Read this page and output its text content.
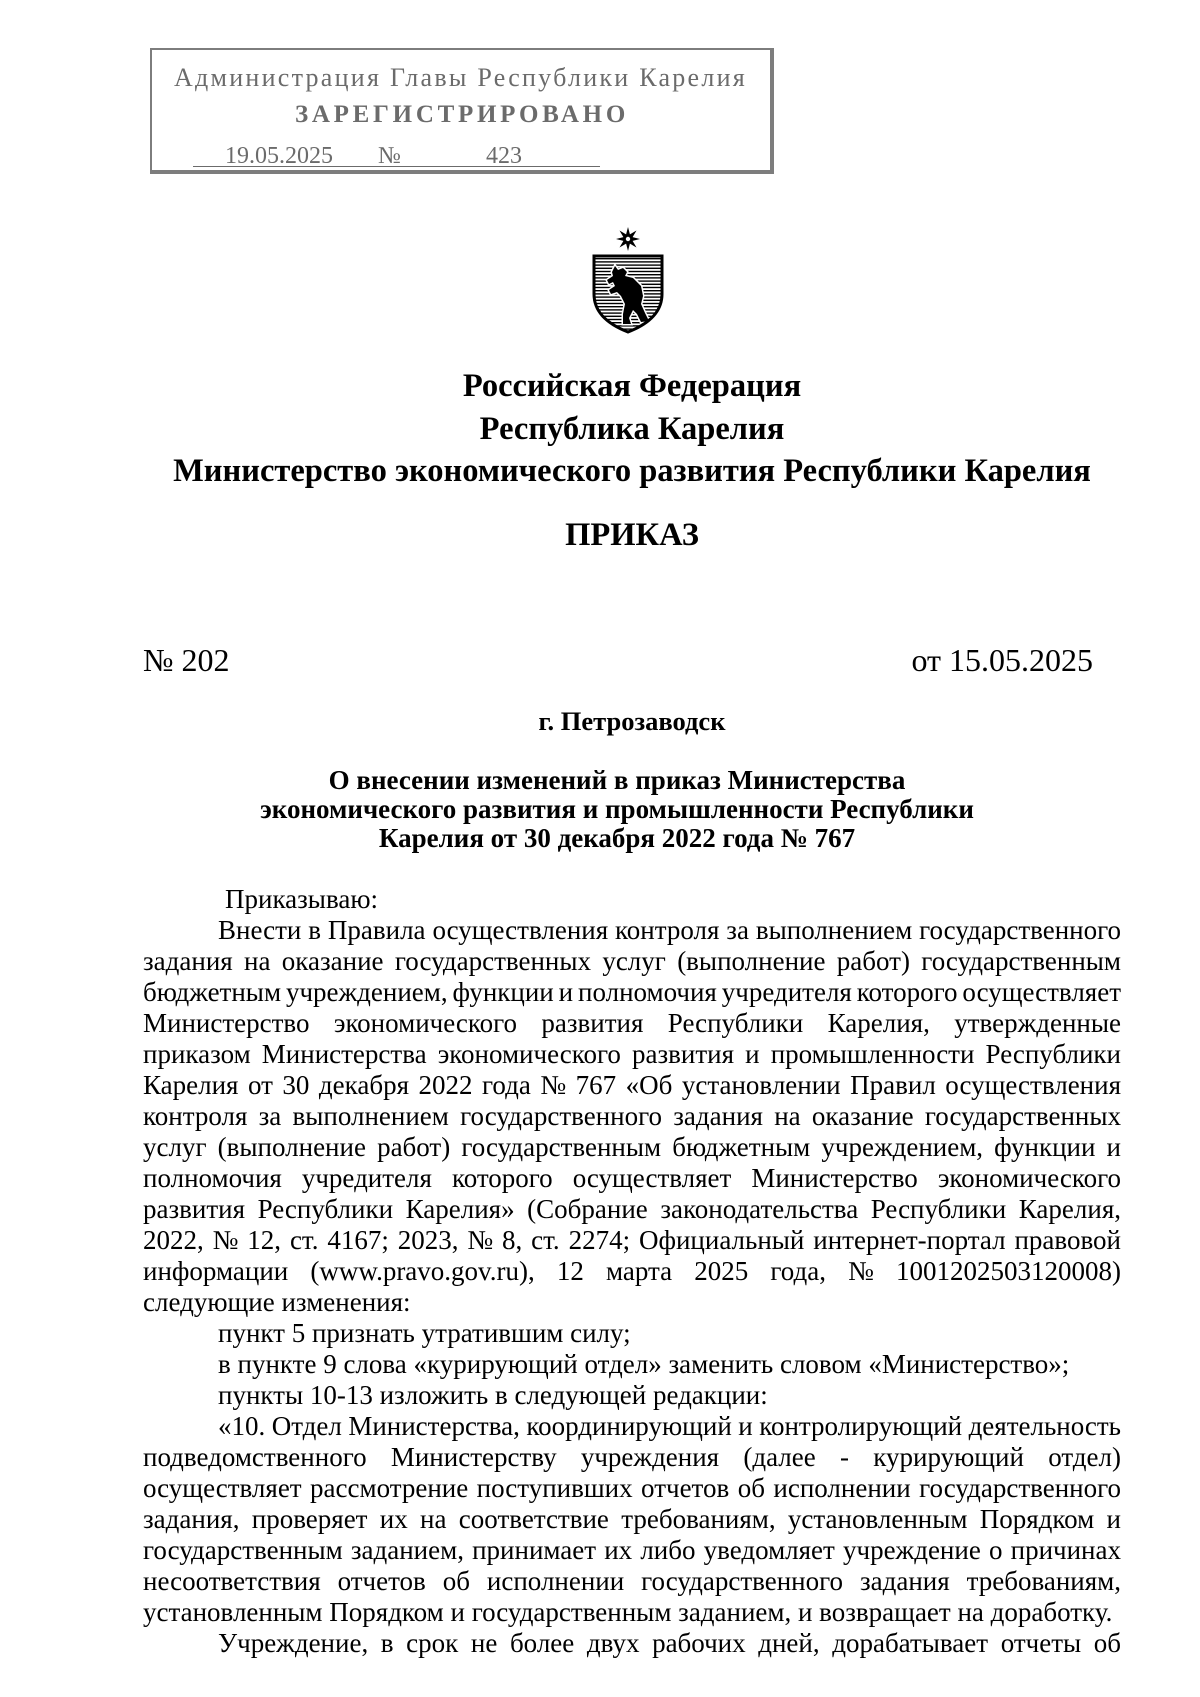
Администрация Главы Республики Карелия
ЗАРЕГИСТРИРОВАНО
19.05.2025 №	423
Российская Федерация
Республика Карелия
Министерство экономического развития Республики Карелия
ПРИКАЗ
№ 202	от 15.05.2025
г. Петрозаводск
О внесении изменений в приказ Министерства
экономического развития и промышленности Республики
Карелия от 30 декабря 2022 года № 767
Приказываю:
Внести в Правила осуществления контроля за выполнением государственного
задания на оказание государственных услуг (выполнение работ) государственным
бюджетным учреждением, функции и полномочия учредителя которого осуществляет
Министерство экономического развития Республики Карелия, утвержденные
приказом Министерства экономического развития и промышленности Республики
Карелия от 30 декабря 2022 года № 767 «Об установлении Правил осуществления
контроля за выполнением государственного задания на оказание государственных
услуг (выполнение работ) государственным бюджетным учреждением, функции и
полномочия учредителя которого осуществляет Министерство экономического
развития Республики Карелия» (Собрание законодательства Республики Карелия,
2022, № 12, ст. 4167; 2023, № 8, ст. 2274; Официальный интернет-портал правовой
информации (www.pravo.gov.ru), 12 марта 2025 года, № 1001202503120008)
следующие изменения:
пункт 5 признать утратившим силу;
в пункте 9 слова «курирующий отдел» заменить словом «Министерство»;
пункты 10-13 изложить в следующей редакции:
«10. Отдел Министерства, координирующий и контролирующий деятельность
подведомственного Министерству учреждения (далее - курирующий отдел)
осуществляет рассмотрение поступивших отчетов об исполнении государственного
задания, проверяет их на соответствие требованиям, установленным Порядком и
государственным заданием, принимает их либо уведомляет учреждение о причинах
несоответствия отчетов об исполнении государственного задания требованиям,
установленным Порядком и государственным заданием, и возвращает на доработку.
Учреждение, в срок не более двух рабочих дней, дорабатывает отчеты об
